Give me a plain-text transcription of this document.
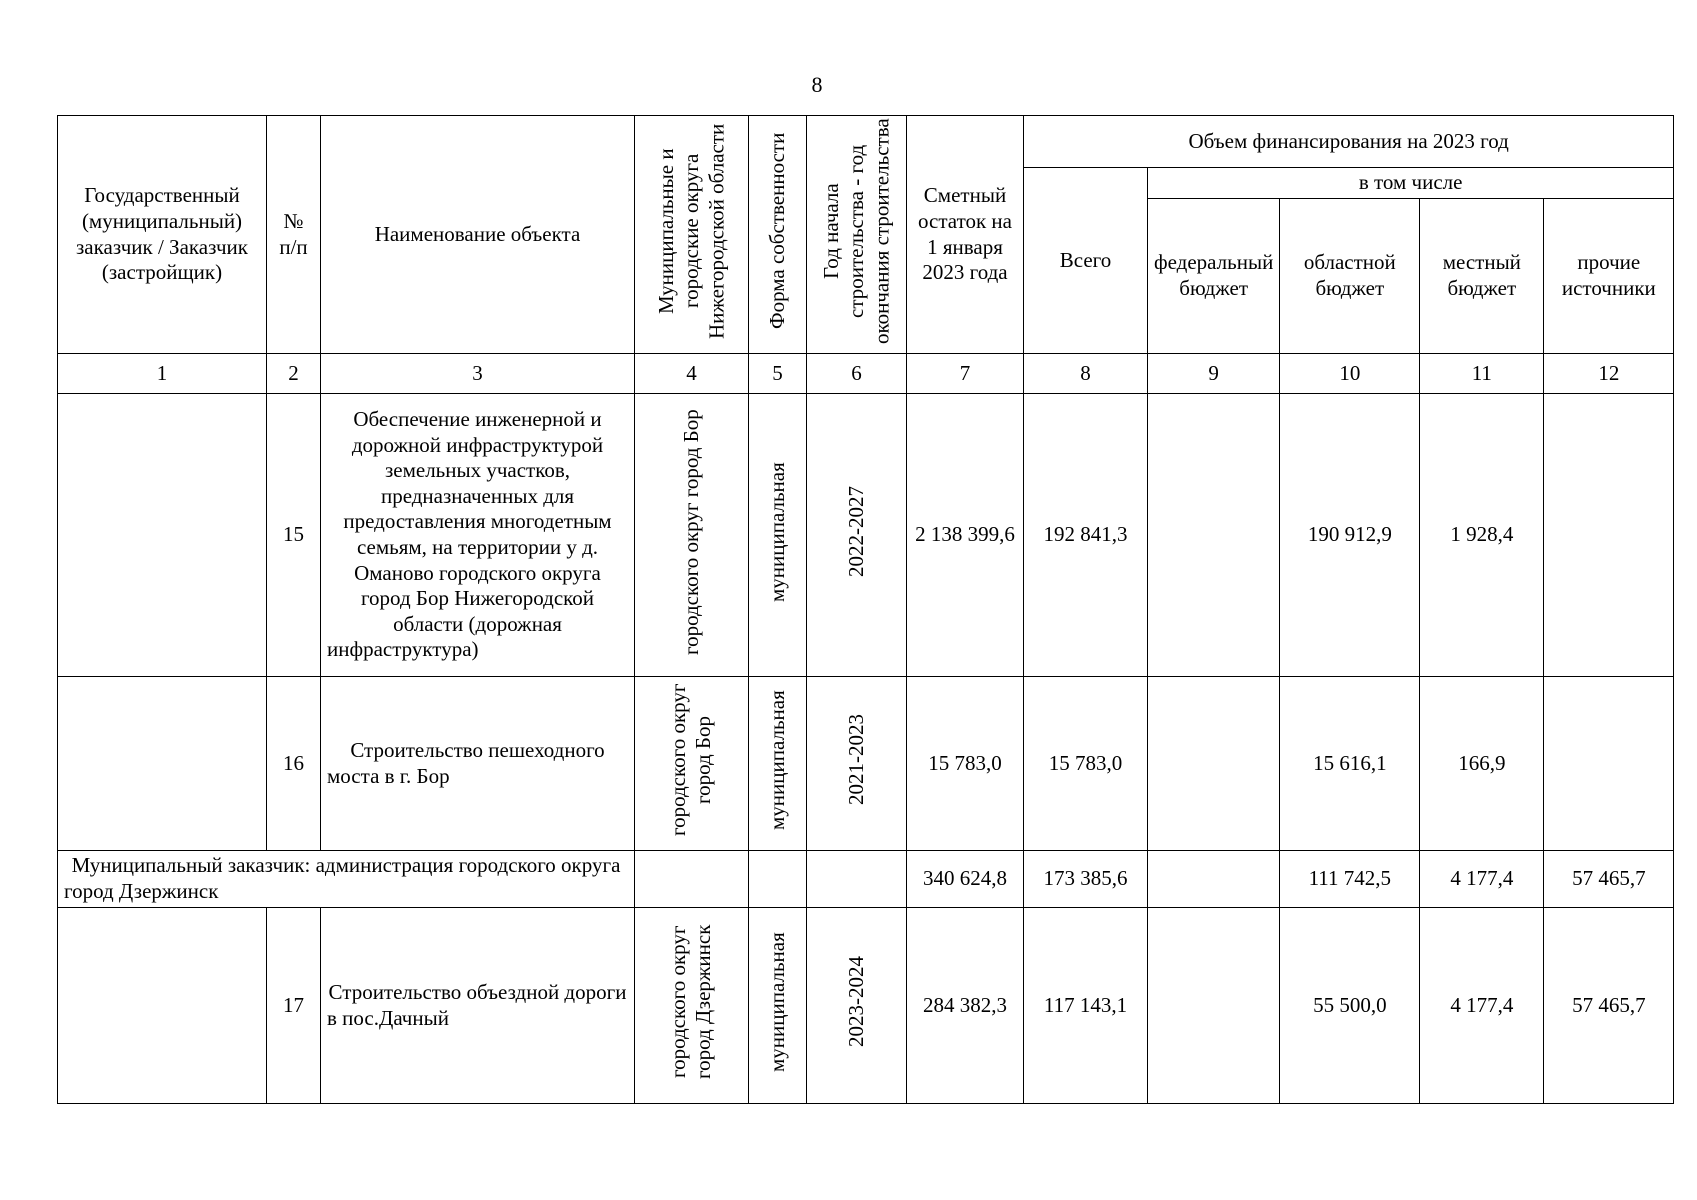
8
Государственный (муниципальный) заказчик / Заказчик (застройщик)	№ п/п	Наименование объекта	Муниципальные и городские округа Нижегородской области	Форма собственности	Год начала строительства - год окончания строительства	Сметный остаток на 1 января 2023 года	Объем финансирования на 2023 год				
							Всего	в том числе			
								федеральный бюджет	областной бюджет	местный бюджет	прочие источники
1	2	3	4	5	6	7	8	9	10	11	12
	15	Обеспечение инженерной и дорожной инфраструктурой земельных участков, предназначенных для предоставления многодетным семьям, на территории у д. Оманово городского округа город Бор Нижегородской области (дорожная инфраструктура)	городского округ город Бор	муниципальная	2022-2027	2 138 399,6	192 841,3		190 912,9	1 928,4	
	16	Строительство пешеходного моста в г. Бор	городского округ город Бор	муниципальная	2021-2023	15 783,0	15 783,0		15 616,1	166,9	
Муниципальный заказчик: администрация городского округа город Дзержинск						340 624,8	173 385,6		111 742,5	4 177,4	57 465,7
	17	Строительство объездной дороги в пос.Дачный	городского округ город Дзержинск	муниципальная	2023-2024	284 382,3	117 143,1		55 500,0	4 177,4	57 465,7
